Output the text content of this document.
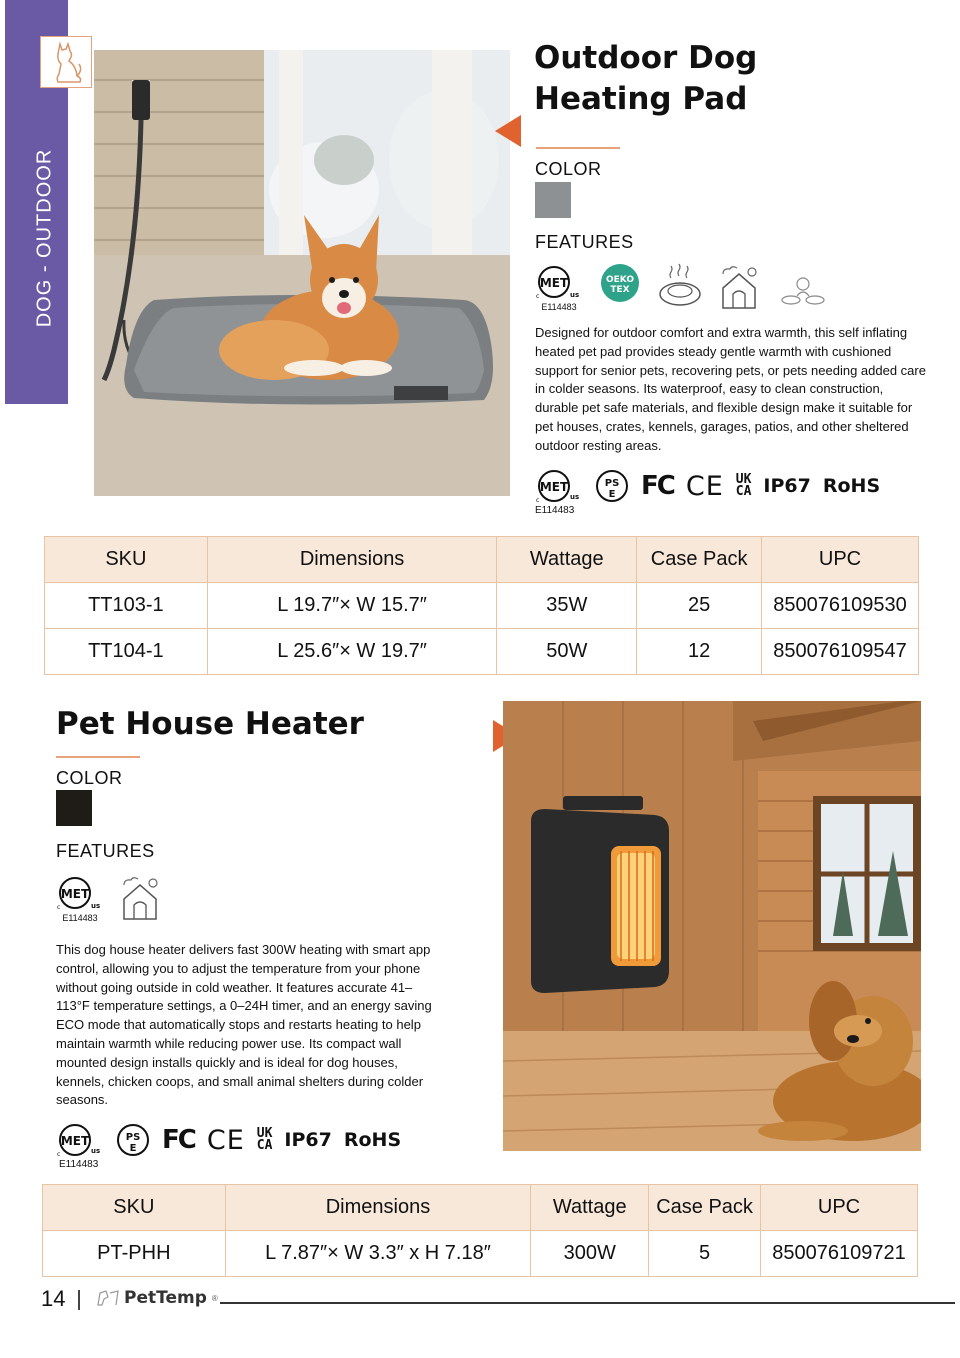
DOG - OUTDOOR
Outdoor Dog
Heating Pad
COLOR
FEATURES
MET
c	us
E114483
OEKO
TEX
Designed for outdoor comfort and extra warmth, this self inflating heated pet pad provides steady gentle warmth with cushioned support for senior pets, recovering pets, or pets needing added care in colder seasons. Its waterproof, easy to clean construction, durable pet safe materials, and flexible design make it suitable for pet houses, crates, kennels, garages, patios, and other sheltered outdoor resting areas.
MET
c	us
PS
E FC CE UK
CA IP67 RoHS
E114483
SKU	Dimensions	Wattage	Case Pack	UPC
TT103-1	L 19.7″× W 15.7″	35W	25	850076109530
TT104-1	L 25.6″× W 19.7″	50W	12	850076109547
Pet House Heater
COLOR
FEATURES
MET
c	us
E114483
This dog house heater delivers fast 300W heating with smart app control, allowing you to adjust the temperature from your phone without going outside in cold weather. It features accurate 41–113°F temperature settings, a 0–24H timer, and an energy saving ECO mode that automatically stops and restarts heating to help maintain warmth while reducing power use. Its compact wall mounted design installs quickly and is ideal for dog houses, kennels, chicken coops, and small animal shelters during colder seasons.
MET
c	us
PS
E FC CE UK
CA IP67 RoHS
E114483
SKU	Dimensions	Wattage	Case Pack	UPC
PT-PHH	L 7.87″× W 3.3″ x H 7.18″	300W	5	850076109721
14	PetTemp ®
